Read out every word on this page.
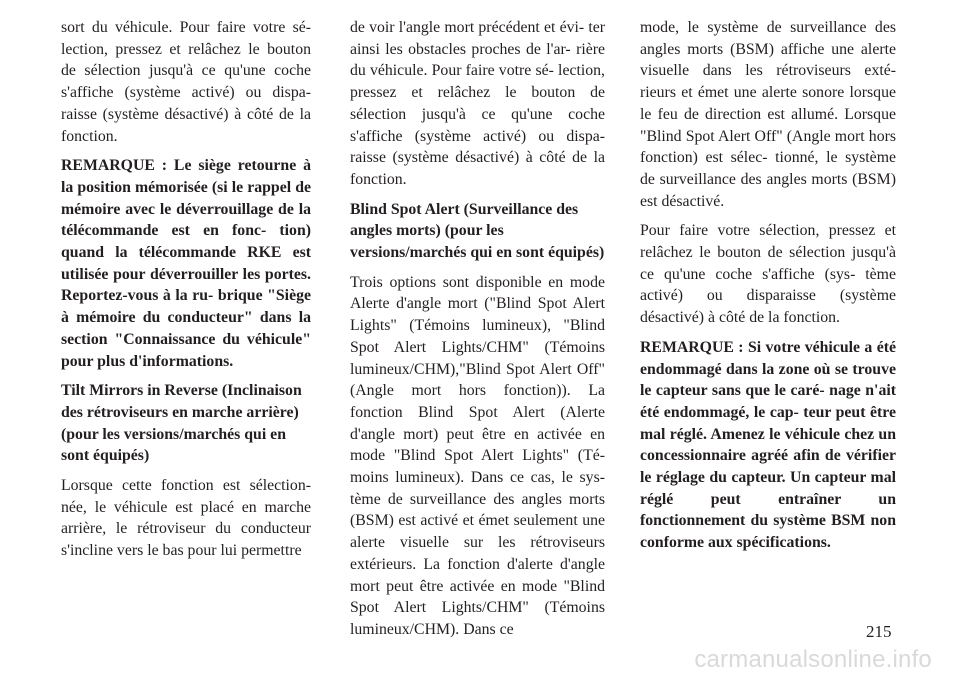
sort du véhicule. Pour faire votre sé- lection, pressez et relâchez le bouton de sélection jusqu'à ce qu'une coche s'affiche (système activé) ou dispa- raisse (système désactivé) à côté de la fonction.

REMARQUE : Le siège retourne à la position mémorisée (si le rappel de mémoire avec le déverrouillage de la télécommande est en fonc- tion) quand la télécommande RKE est utilisée pour déverrouiller les portes. Reportez-vous à la ru- brique "Siège à mémoire du conducteur" dans la section "Connaissance du véhicule" pour plus d'informations.

Tilt Mirrors in Reverse (Inclinaison des rétroviseurs en marche arrière) (pour les versions/marchés qui en sont équipés)

Lorsque cette fonction est sélection- née, le véhicule est placé en marche arrière, le rétroviseur du conducteur s'incline vers le bas pour lui permettre

de voir l'angle mort précédent et évi- ter ainsi les obstacles proches de l'ar- rière du véhicule. Pour faire votre sé- lection, pressez et relâchez le bouton de sélection jusqu'à ce qu'une coche s'affiche (système activé) ou dispa- raisse (système désactivé) à côté de la fonction.

Blind Spot Alert (Surveillance des angles morts) (pour les versions/marchés qui en sont équipés)

Trois options sont disponible en mode Alerte d'angle mort ("Blind Spot Alert Lights" (Témoins lumineux), "Blind Spot Alert Lights/CHM" (Témoins lumineux/CHM),"Blind Spot Alert Off" (Angle mort hors fonction)). La fonction Blind Spot Alert (Alerte d'angle mort) peut être en activée en mode "Blind Spot Alert Lights" (Té- moins lumineux). Dans ce cas, le sys- tème de surveillance des angles morts (BSM) est activé et émet seulement une alerte visuelle sur les rétroviseurs extérieurs. La fonction d'alerte d'angle mort peut être activée en mode "Blind Spot Alert Lights/CHM" (Témoins lumineux/CHM). Dans ce

mode, le système de surveillance des angles morts (BSM) affiche une alerte visuelle dans les rétroviseurs exté- rieurs et émet une alerte sonore lorsque le feu de direction est allumé. Lorsque "Blind Spot Alert Off" (Angle mort hors fonction) est sélec- tionné, le système de surveillance des angles morts (BSM) est désactivé.

Pour faire votre sélection, pressez et relâchez le bouton de sélection jusqu'à ce qu'une coche s'affiche (sys- tème activé) ou disparaisse (système désactivé) à côté de la fonction.

REMARQUE : Si votre véhicule a été endommagé dans la zone où se trouve le capteur sans que le caré- nage n'ait été endommagé, le cap- teur peut être mal réglé. Amenez le véhicule chez un concessionnaire agréé afin de vérifier le réglage du capteur. Un capteur mal réglé peut entraîner un fonctionnement du système BSM non conforme aux spécifications.

215
carmanualsonline.info
